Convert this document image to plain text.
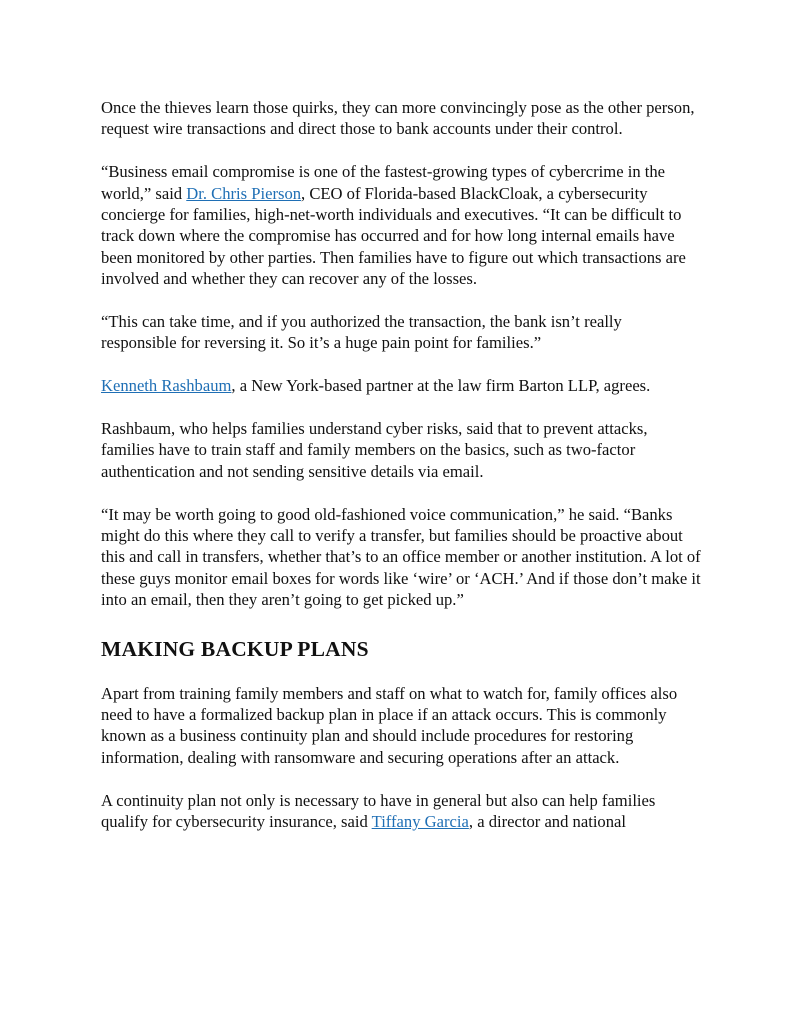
Once the thieves learn those quirks, they can more convincingly pose as the other person, request wire transactions and direct those to bank accounts under their control.

“Business email compromise is one of the fastest-growing types of cybercrime in the world,” said Dr. Chris Pierson, CEO of Florida-based BlackCloak, a cybersecurity concierge for families, high-net-worth individuals and executives. “It can be difficult to track down where the compromise has occurred and for how long internal emails have been monitored by other parties. Then families have to figure out which transactions are involved and whether they can recover any of the losses.

“This can take time, and if you authorized the transaction, the bank isn’t really responsible for reversing it. So it’s a huge pain point for families.”

Kenneth Rashbaum, a New York-based partner at the law firm Barton LLP, agrees.

Rashbaum, who helps families understand cyber risks, said that to prevent attacks, families have to train staff and family members on the basics, such as two-factor authentication and not sending sensitive details via email.

“It may be worth going to good old-fashioned voice communication,” he said. “Banks might do this where they call to verify a transfer, but families should be proactive about this and call in transfers, whether that’s to an office member or another institution. A lot of these guys monitor email boxes for words like ‘wire’ or ‘ACH.’ And if those don’t make it into an email, then they aren’t going to get picked up.”

MAKING BACKUP PLANS

Apart from training family members and staff on what to watch for, family offices also need to have a formalized backup plan in place if an attack occurs. This is commonly known as a business continuity plan and should include procedures for restoring information, dealing with ransomware and securing operations after an attack.

A continuity plan not only is necessary to have in general but also can help families qualify for cybersecurity insurance, said Tiffany Garcia, a director and national
